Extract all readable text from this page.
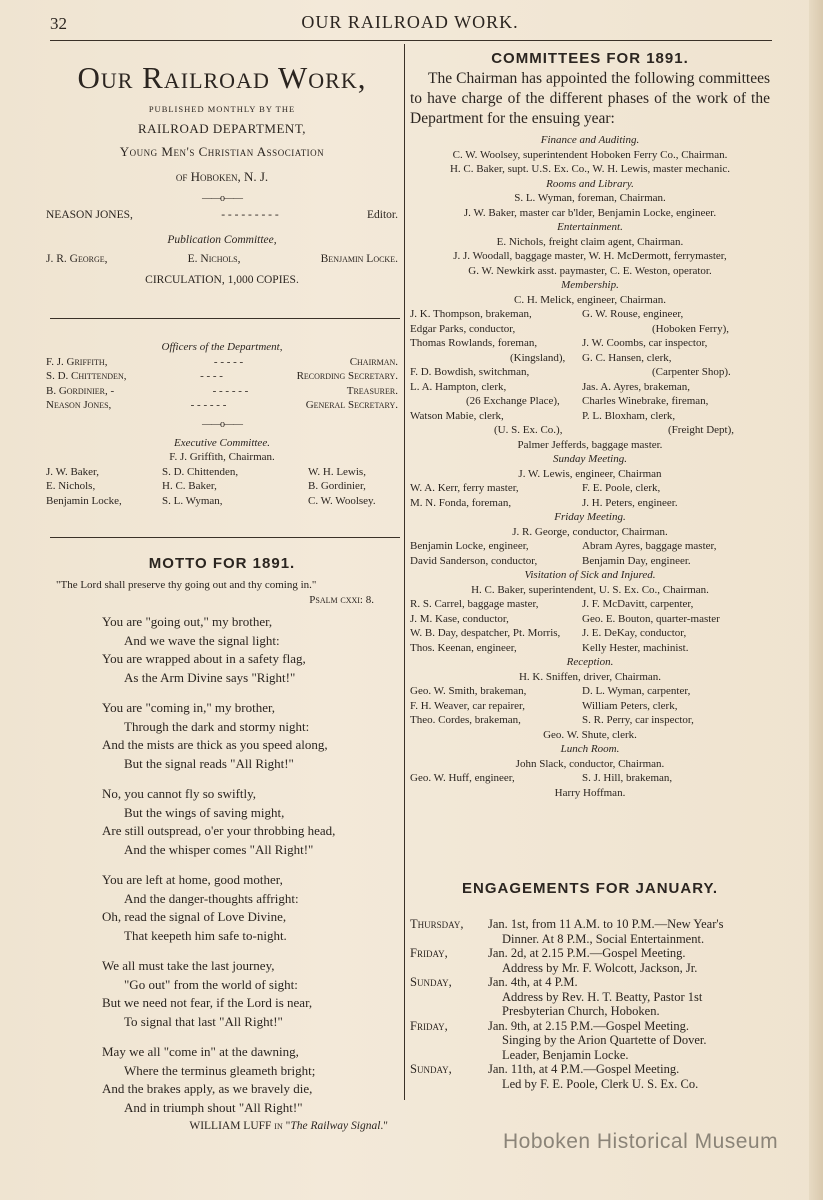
32	OUR RAILROAD WORK.
Our Railroad Work,
PUBLISHED MONTHLY BY THE
RAILROAD DEPARTMENT,
Young Men's Christian Association
of Hoboken, N. J.
——o——
NEASON JONES,	- - - - - - - - -	Editor.
Publication Committee,
J. R. George,	E. Nichols,	Benjamin Locke.
CIRCULATION, 1,000 COPIES.
Officers of the Department,
F. J. Griffith,	- - - - -	Chairman.
S. D. Chittenden,	- - - -	Recording Secretary.
B. Gordinier, -	- - - - - -	Treasurer.
Neason Jones,	- - - - - -	General Secretary.
——o——
Executive Committee.
F. J. Griffith, Chairman.
J. W. Baker,	S. D. Chittenden,	W. H. Lewis,
E. Nichols,	H. C. Baker,	B. Gordinier,
Benjamin Locke,	S. L. Wyman,	C. W. Woolsey.
MOTTO FOR 1891.
"The Lord shall preserve thy going out and thy coming in."
Psalm cxxi: 8.
You are "going out," my brother,
And we wave the signal light:
You are wrapped about in a safety flag,
As the Arm Divine says "Right!"
You are "coming in," my brother,
Through the dark and stormy night:
And the mists are thick as you speed along,
But the signal reads "All Right!"
No, you cannot fly so swiftly,
But the wings of saving might,
Are still outspread, o'er your throbbing head,
And the whisper comes "All Right!"
You are left at home, good mother,
And the danger-thoughts affright:
Oh, read the signal of Love Divine,
That keepeth him safe to-night.
We all must take the last journey,
"Go out" from the world of sight:
But we need not fear, if the Lord is near,
To signal that last "All Right!"
May we all "come in" at the dawning,
Where the terminus gleameth bright;
And the brakes apply, as we bravely die,
And in triumph shout "All Right!"
WILLIAM LUFF in "The Railway Signal."
COMMITTEES FOR 1891.
The Chairman has appointed the following committees to have charge of the different phases of the work of the Department for the ensuing year:
Finance and Auditing.
C. W. Woolsey, superintendent Hoboken Ferry Co., Chairman.
H. C. Baker, supt. U.S. Ex. Co., W. H. Lewis, master mechanic.
Rooms and Library.
S. L. Wyman, foreman, Chairman.
J. W. Baker, master car b'lder, Benjamin Locke, engineer.
Entertainment.
E. Nichols, freight claim agent, Chairman.
J. J. Woodall, baggage master, W. H. McDermott, ferrymaster,
G. W. Newkirk asst. paymaster, C. E. Weston, operator.
Membership.
C. H. Melick, engineer, Chairman.
J. K. Thompson, brakeman,	G. W. Rouse, engineer,
Edgar Parks, conductor,	(Hoboken Ferry),
Thomas Rowlands, foreman,	J. W. Coombs, car inspector,
(Kingsland),	G. C. Hansen, clerk,
F. D. Bowdish, switchman,	(Carpenter Shop).
L. A. Hampton, clerk,	Jas. A. Ayres, brakeman,
(26 Exchange Place),	Charles Winebrake, fireman,
Watson Mabie, clerk,	P. L. Bloxham, clerk,
(U. S. Ex. Co.),	(Freight Dept),
Palmer Jefferds, baggage master.
Sunday Meeting.
J. W. Lewis, engineer, Chairman
W. A. Kerr, ferry master,	F. E. Poole, clerk,
M. N. Fonda, foreman,	J. H. Peters, engineer.
Friday Meeting.
J. R. George, conductor, Chairman.
Benjamin Locke, engineer,	Abram Ayres, baggage master,
David Sanderson, conductor,	Benjamin Day, engineer.
Visitation of Sick and Injured.
H. C. Baker, superintendent, U. S. Ex. Co., Chairman.
R. S. Carrel, baggage master,	J. F. McDavitt, carpenter,
J. M. Kase, conductor,	Geo. E. Bouton, quarter-master
W. B. Day, despatcher, Pt. Morris,	J. E. DeKay, conductor,
Thos. Keenan, engineer,	Kelly Hester, machinist.
Reception.
H. K. Sniffen, driver, Chairman.
Geo. W. Smith, brakeman,	D. L. Wyman, carpenter,
F. H. Weaver, car repairer,	William Peters, clerk,
Theo. Cordes, brakeman,	S. R. Perry, car inspector,
Geo. W. Shute, clerk.
Lunch Room.
John Slack, conductor, Chairman.
Geo. W. Huff, engineer,	S. J. Hill, brakeman,
Harry Hoffman.
ENGAGEMENTS FOR JANUARY.
Thursday,	Jan. 1st, from 11 A.M. to 10 P.M.—New Year's
Dinner. At 8 P.M., Social Entertainment.
Friday,	Jan. 2d, at 2.15 P.M.—Gospel Meeting.
Address by Mr. F. Wolcott, Jackson, Jr.
Sunday,	Jan. 4th, at 4 P.M.
Address by Rev. H. T. Beatty, Pastor 1st
Presbyterian Church, Hoboken.
Friday,	Jan. 9th, at 2.15 P.M.—Gospel Meeting.
Singing by the Arion Quartette of Dover.
Leader, Benjamin Locke.
Sunday,	Jan. 11th, at 4 P.M.—Gospel Meeting.
Led by F. E. Poole, Clerk U. S. Ex. Co.
Hoboken Historical Museum
